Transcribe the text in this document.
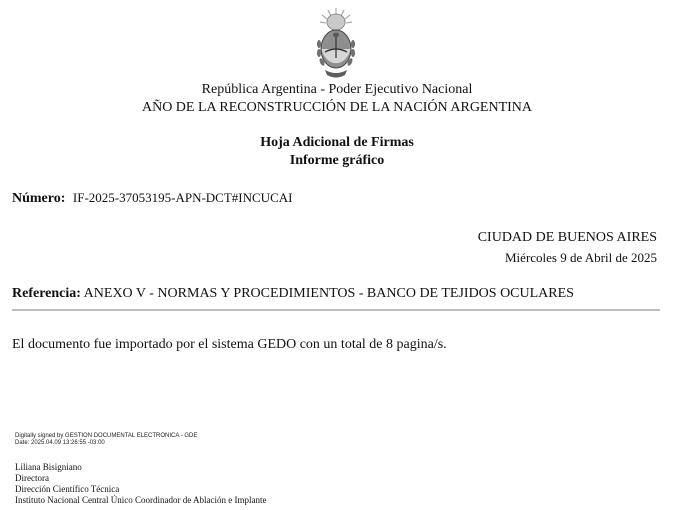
República Argentina - Poder Ejecutivo Nacional
AÑO DE LA RECONSTRUCCIÓN DE LA NACIÓN ARGENTINA
Hoja Adicional de Firmas
Informe gráfico
Número: IF-2025-37053195-APN-DCT#INCUCAI
CIUDAD DE BUENOS AIRES
Miércoles 9 de Abril de 2025
Referencia: ANEXO V - NORMAS Y PROCEDIMIENTOS - BANCO DE TEJIDOS OCULARES
El documento fue importado por el sistema GEDO con un total de 8 pagina/s.
Digitally signed by GESTION DOCUMENTAL ELECTRONICA - GDE
Date: 2025.04.09 13:26:55 -03:00
Liliana Bisigniano
Directora
Dirección Científico Técnica
Instituto Nacional Central Único Coordinador de Ablación e Implante
